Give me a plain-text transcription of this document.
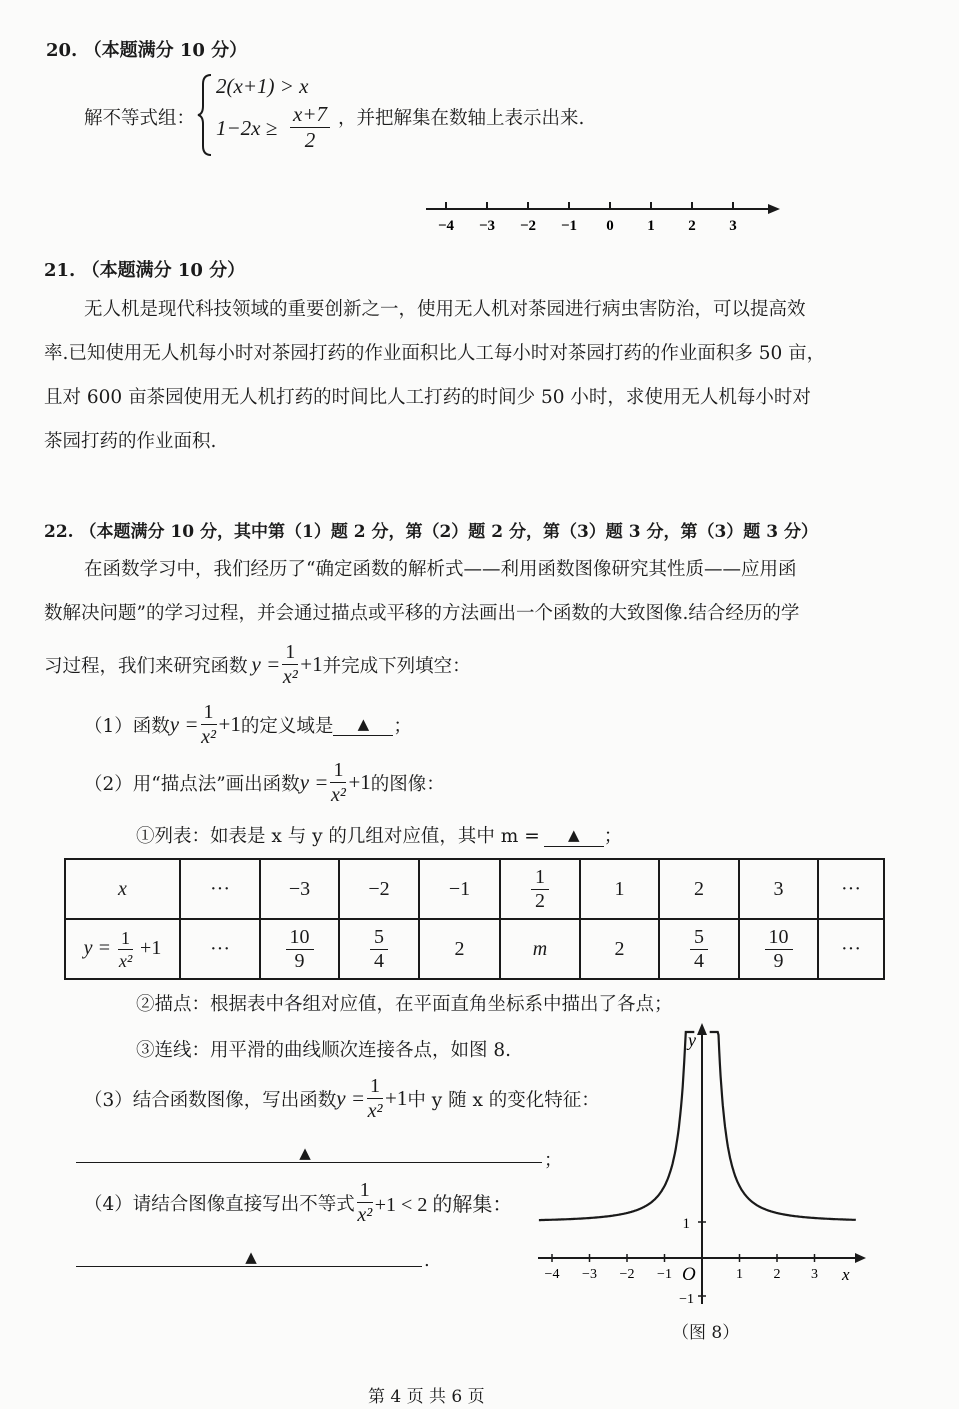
20. （本题满分 10 分）
解不等式组：
2(x+1) > x
$1-2x \ge \frac{x+7}{2}$ ，并把解集在数轴上表示出来.
−4 −3 −2 −1 0 1 2 3
21. （本题满分 10 分）
无人机是现代科技领域的重要创新之一，使用无人机对茶园进行病虫害防治，可以提高效
率.已知使用无人机每小时对茶园打药的作业面积比人工每小时对茶园打药的作业面积多 50 亩，
且对 600 亩茶园使用无人机打药的时间比人工打药的时间少 50 小时，求使用无人机每小时对
茶园打药的作业面积.
22. （本题满分 10 分，其中第（1）题 2 分，第（2）题 2 分，第（3）题 3 分，第（3）题 3 分）
在函数学习中，我们经历了“确定函数的解析式——利用函数图像研究其性质——应用函
数解决问题”的学习过程，并会通过描点或平移的方法画出一个函数的大致图像.结合经历的学
习过程，我们来研究函数 $y = \frac{1}{\text{x²}} +1$ 并完成下列填空：
（1）函数 $y = \frac{1}{\text{x²}} +1$ 的定义域是	▲	；
（2）用“描点法”画出函数 $y = \frac{1}{\text{x²}} +1$ 的图像：
①列表：如表是 x 与 y 的几组对应值，其中 m =	▲	；
x	···	−3	−2	−1	$\frac{1}{2}$	1	2	3	···
$y = \frac{1}{\text{x²}} +1$	···	$\frac{10}{9}$	$\frac{5}{4}$	2	m	2	$\frac{5}{4}$	$\frac{10}{9}$	···
②描点：根据表中各组对应值，在平面直角坐标系中描出了各点；
③连线：用平滑的曲线顺次连接各点，如图 8.
（3）结合函数图像，写出函数 $y = \frac{1}{\text{x²}} +1$ 中 y 随 x 的变化特征：
▲	；
（4）请结合图像直接写出不等式 $\frac{1}{\text{x²}} +1 < 2$ 的解集：
▲	.
−4 −3 −2 −1	1 2 3
1
−1
y
x
O
（图 8）
第 4 页 共 6 页
